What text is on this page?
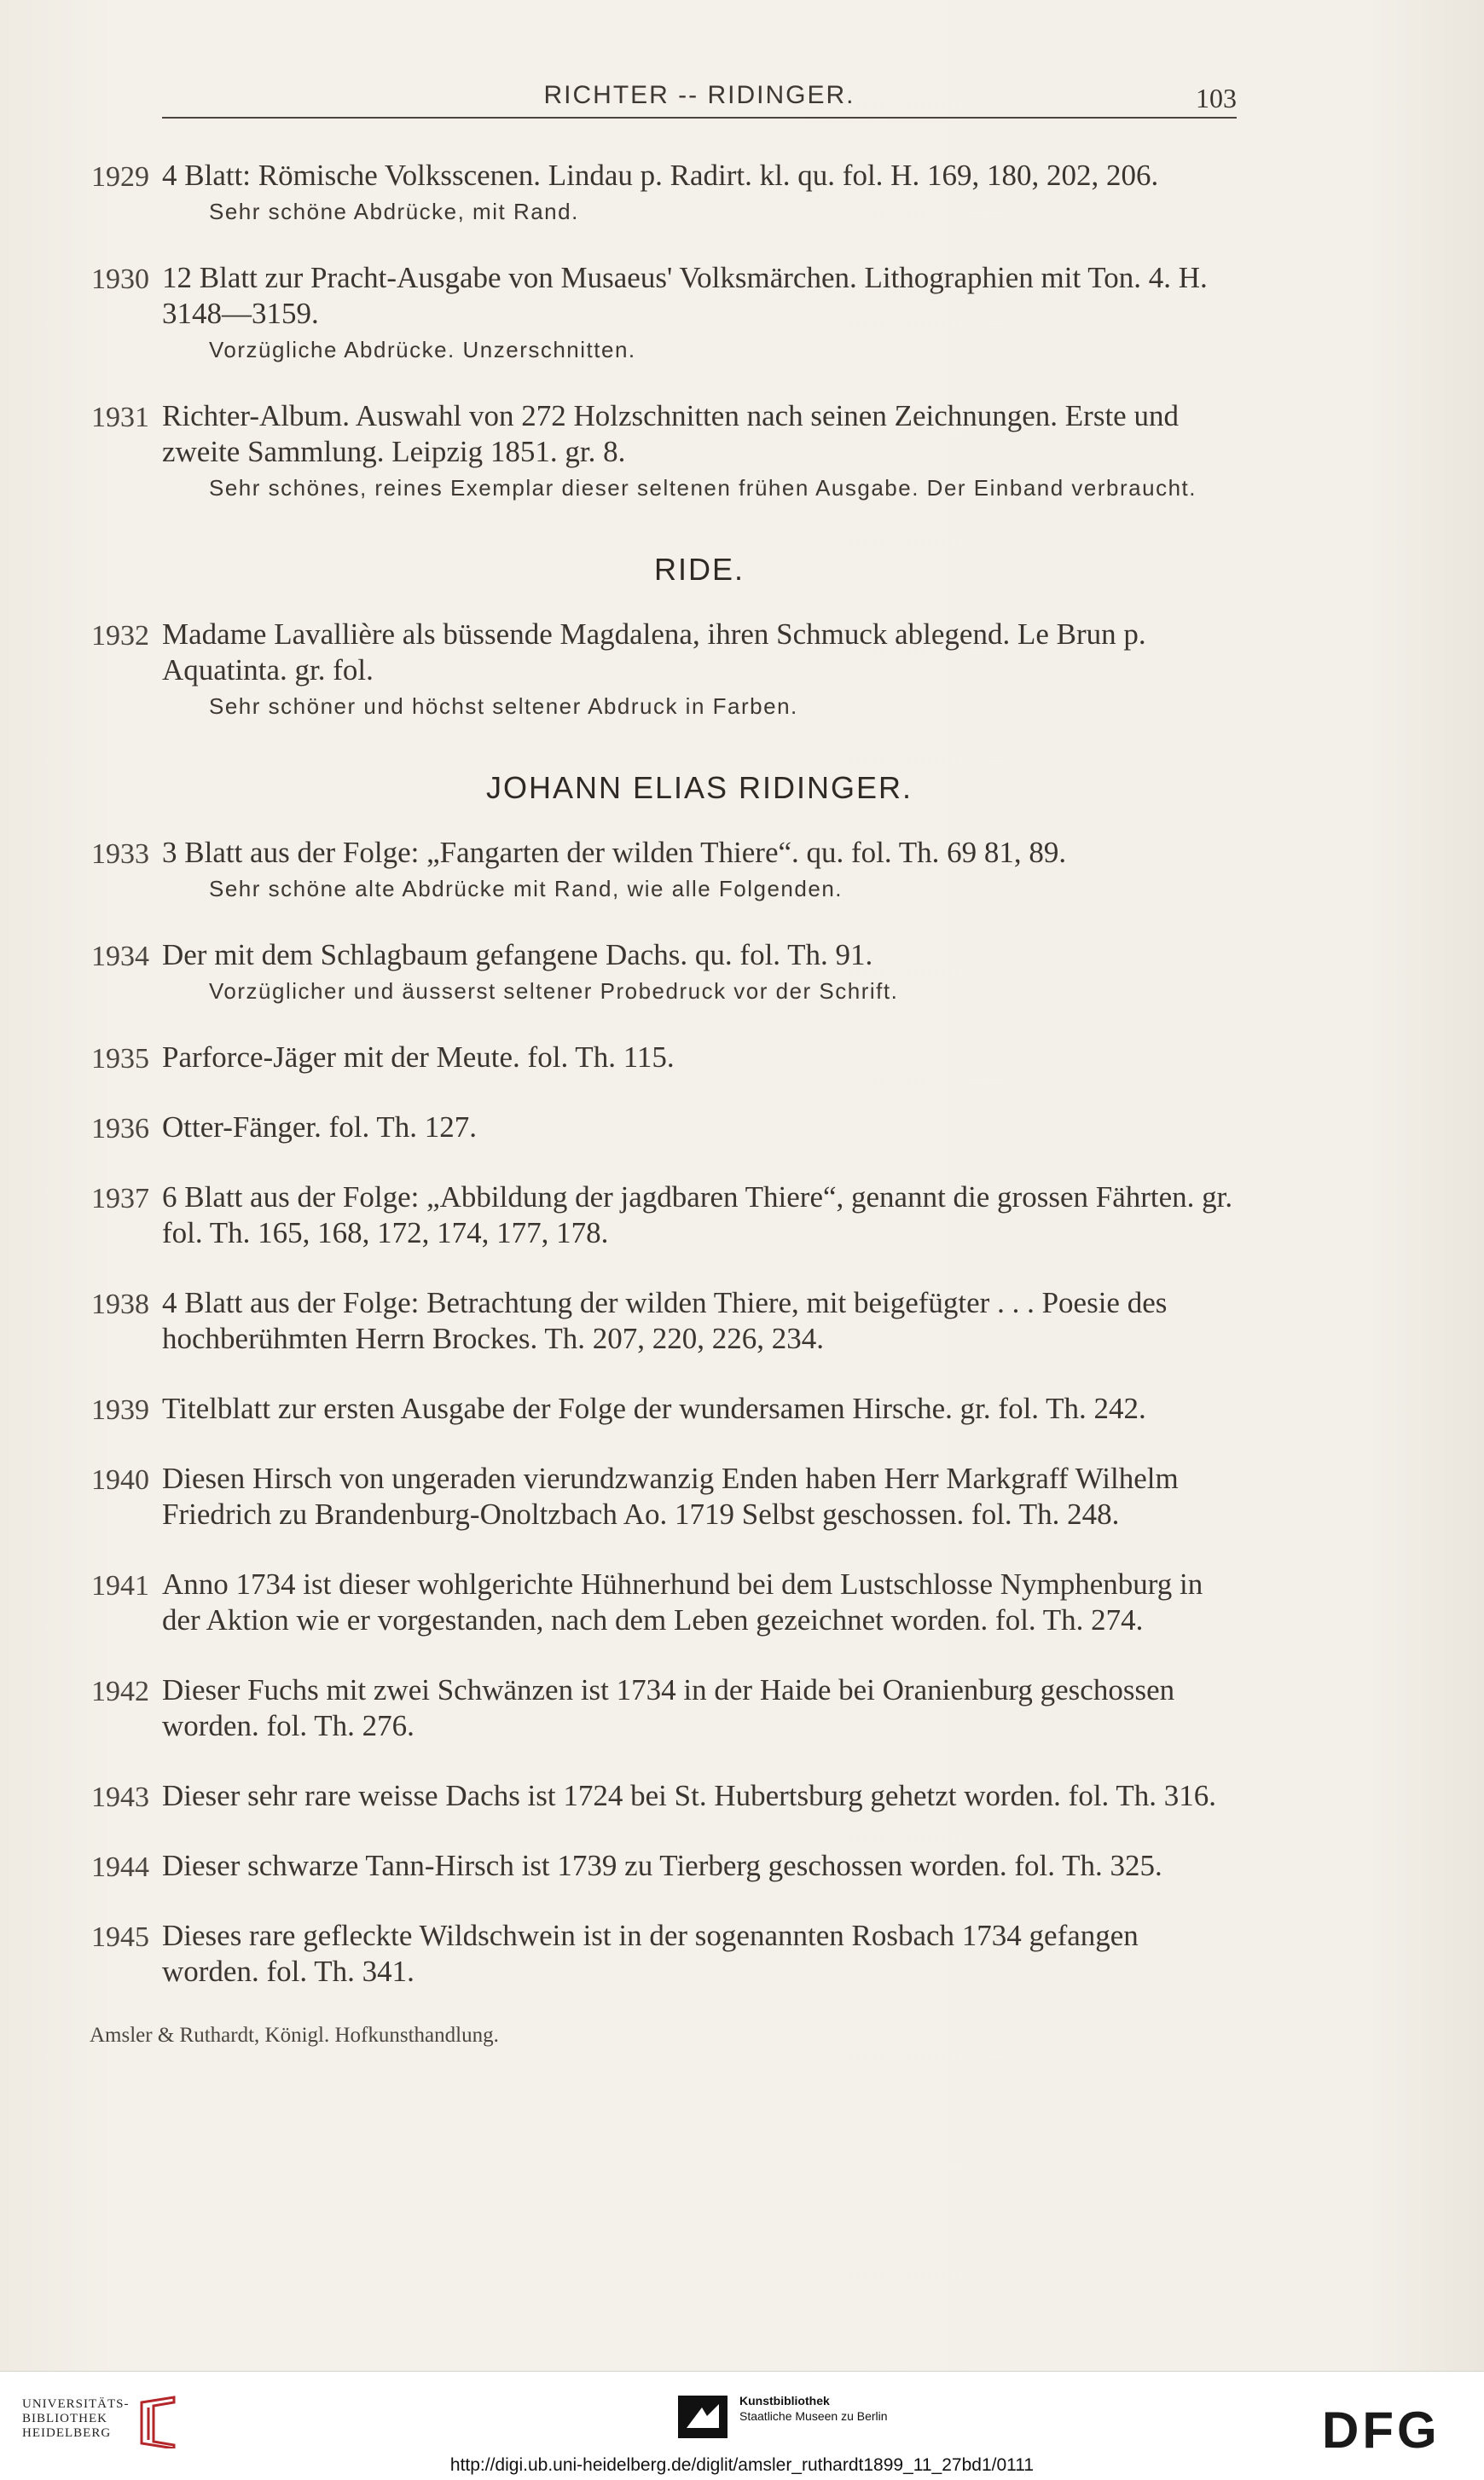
RICHTER -- RIDINGER.	103
1929 4 Blatt: Römische Volksscenen. Lindau p. Radirt. kl. qu. fol. H. 169, 180, 202, 206.
Sehr schöne Abdrücke, mit Rand.
1930 12 Blatt zur Pracht-Ausgabe von Musaeus' Volksmärchen. Lithographien mit Ton. 4. H. 3148—3159.
Vorzügliche Abdrücke. Unzerschnitten.
1931 Richter-Album. Auswahl von 272 Holzschnitten nach seinen Zeichnungen. Erste und zweite Sammlung. Leipzig 1851. gr. 8.
Sehr schönes, reines Exemplar dieser seltenen frühen Ausgabe. Der Einband verbraucht.
RIDE.
1932 Madame Lavallière als büssende Magdalena, ihren Schmuck ablegend. Le Brun p. Aquatinta. gr. fol.
Sehr schöner und höchst seltener Abdruck in Farben.
JOHANN ELIAS RIDINGER.
1933 3 Blatt aus der Folge: „Fangarten der wilden Thiere“. qu. fol. Th. 69 81, 89.
Sehr schöne alte Abdrücke mit Rand, wie alle Folgenden.
1934 Der mit dem Schlagbaum gefangene Dachs. qu. fol. Th. 91.
Vorzüglicher und äusserst seltener Probedruck vor der Schrift.
1935 Parforce-Jäger mit der Meute. fol. Th. 115.
1936 Otter-Fänger. fol. Th. 127.
1937 6 Blatt aus der Folge: „Abbildung der jagdbaren Thiere“, genannt die grossen Fährten. gr. fol. Th. 165, 168, 172, 174, 177, 178.
1938 4 Blatt aus der Folge: Betrachtung der wilden Thiere, mit beigefügter . . . Poesie des hochberühmten Herrn Brockes. Th. 207, 220, 226, 234.
1939 Titelblatt zur ersten Ausgabe der Folge der wundersamen Hirsche. gr. fol. Th. 242.
1940 Diesen Hirsch von ungeraden vierundzwanzig Enden haben Herr Markgraff Wilhelm Friedrich zu Brandenburg-Onoltzbach Ao. 1719 Selbst geschossen. fol. Th. 248.
1941 Anno 1734 ist dieser wohlgerichte Hühnerhund bei dem Lustschlosse Nymphenburg in der Aktion wie er vorgestanden, nach dem Leben gezeichnet worden. fol. Th. 274.
1942 Dieser Fuchs mit zwei Schwänzen ist 1734 in der Haide bei Oranienburg geschossen worden. fol. Th. 276.
1943 Dieser sehr rare weisse Dachs ist 1724 bei St. Hubertsburg gehetzt worden. fol. Th. 316.
1944 Dieser schwarze Tann-Hirsch ist 1739 zu Tierberg geschossen worden. fol. Th. 325.
1945 Dieses rare gefleckte Wildschwein ist in der sogenannten Rosbach 1734 gefangen worden. fol. Th. 341.
Amsler & Ruthardt, Königl. Hofkunsthandlung.
UNIVERSITÄTS-
BIBLIOTHEK
HEIDELBERG
Kunstbibliothek
Staatliche Museen zu Berlin	DFG
http://digi.ub.uni-heidelberg.de/diglit/amsler_ruthardt1899_11_27bd1/0111
